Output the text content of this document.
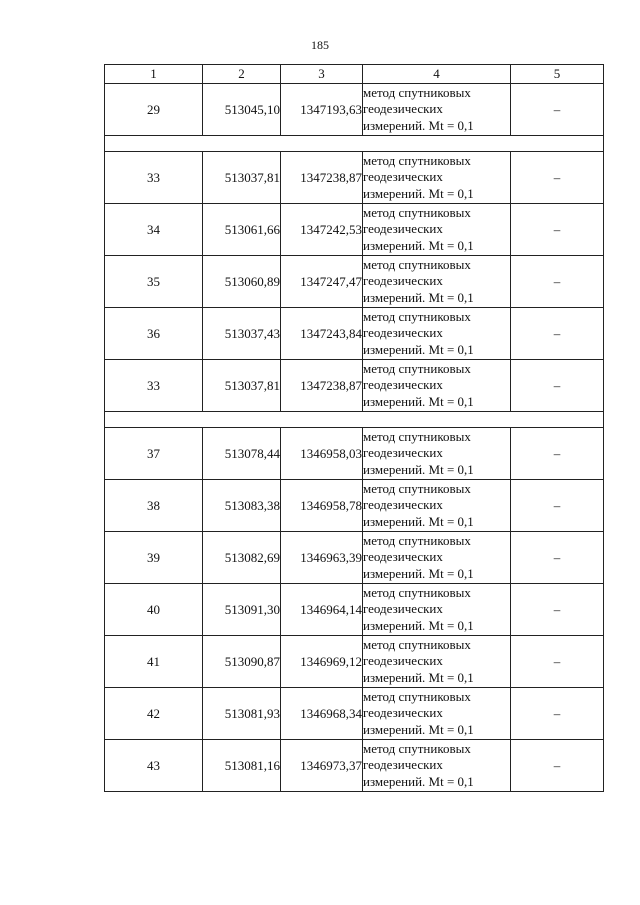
185
1	2	3	4	5
29	513045,10	1347193,63	метод спутниковых
геодезических
измерений. Mt = 0,1	–

33	513037,81	1347238,87	метод спутниковых
геодезических
измерений. Mt = 0,1	–
34	513061,66	1347242,53	метод спутниковых
геодезических
измерений. Mt = 0,1	–
35	513060,89	1347247,47	метод спутниковых
геодезических
измерений. Mt = 0,1	–
36	513037,43	1347243,84	метод спутниковых
геодезических
измерений. Mt = 0,1	–
33	513037,81	1347238,87	метод спутниковых
геодезических
измерений. Mt = 0,1	–

37	513078,44	1346958,03	метод спутниковых
геодезических
измерений. Mt = 0,1	–
38	513083,38	1346958,78	метод спутниковых
геодезических
измерений. Mt = 0,1	–
39	513082,69	1346963,39	метод спутниковых
геодезических
измерений. Mt = 0,1	–
40	513091,30	1346964,14	метод спутниковых
геодезических
измерений. Mt = 0,1	–
41	513090,87	1346969,12	метод спутниковых
геодезических
измерений. Mt = 0,1	–
42	513081,93	1346968,34	метод спутниковых
геодезических
измерений. Mt = 0,1	–
43	513081,16	1346973,37	метод спутниковых
геодезических
измерений. Mt = 0,1	–
